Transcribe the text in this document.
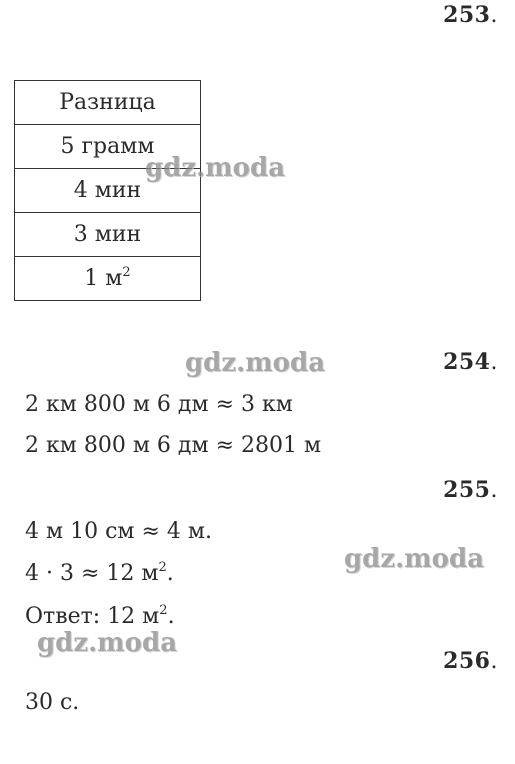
253.
254.
255.
256.
Разница
5 грамм
4 мин
3 мин
1 $м^2$
2 км 800 м 6 дм ≈ 3 км
2 км 800 м 6 дм ≈ 2801 м
4 м 10 см ≈ 4 м.
4 · 3 ≈ 12 $м^2$.
Ответ: 12 $м^2$.
30 с.
gdz.moda
gdz.moda
gdz.moda
gdz.moda
